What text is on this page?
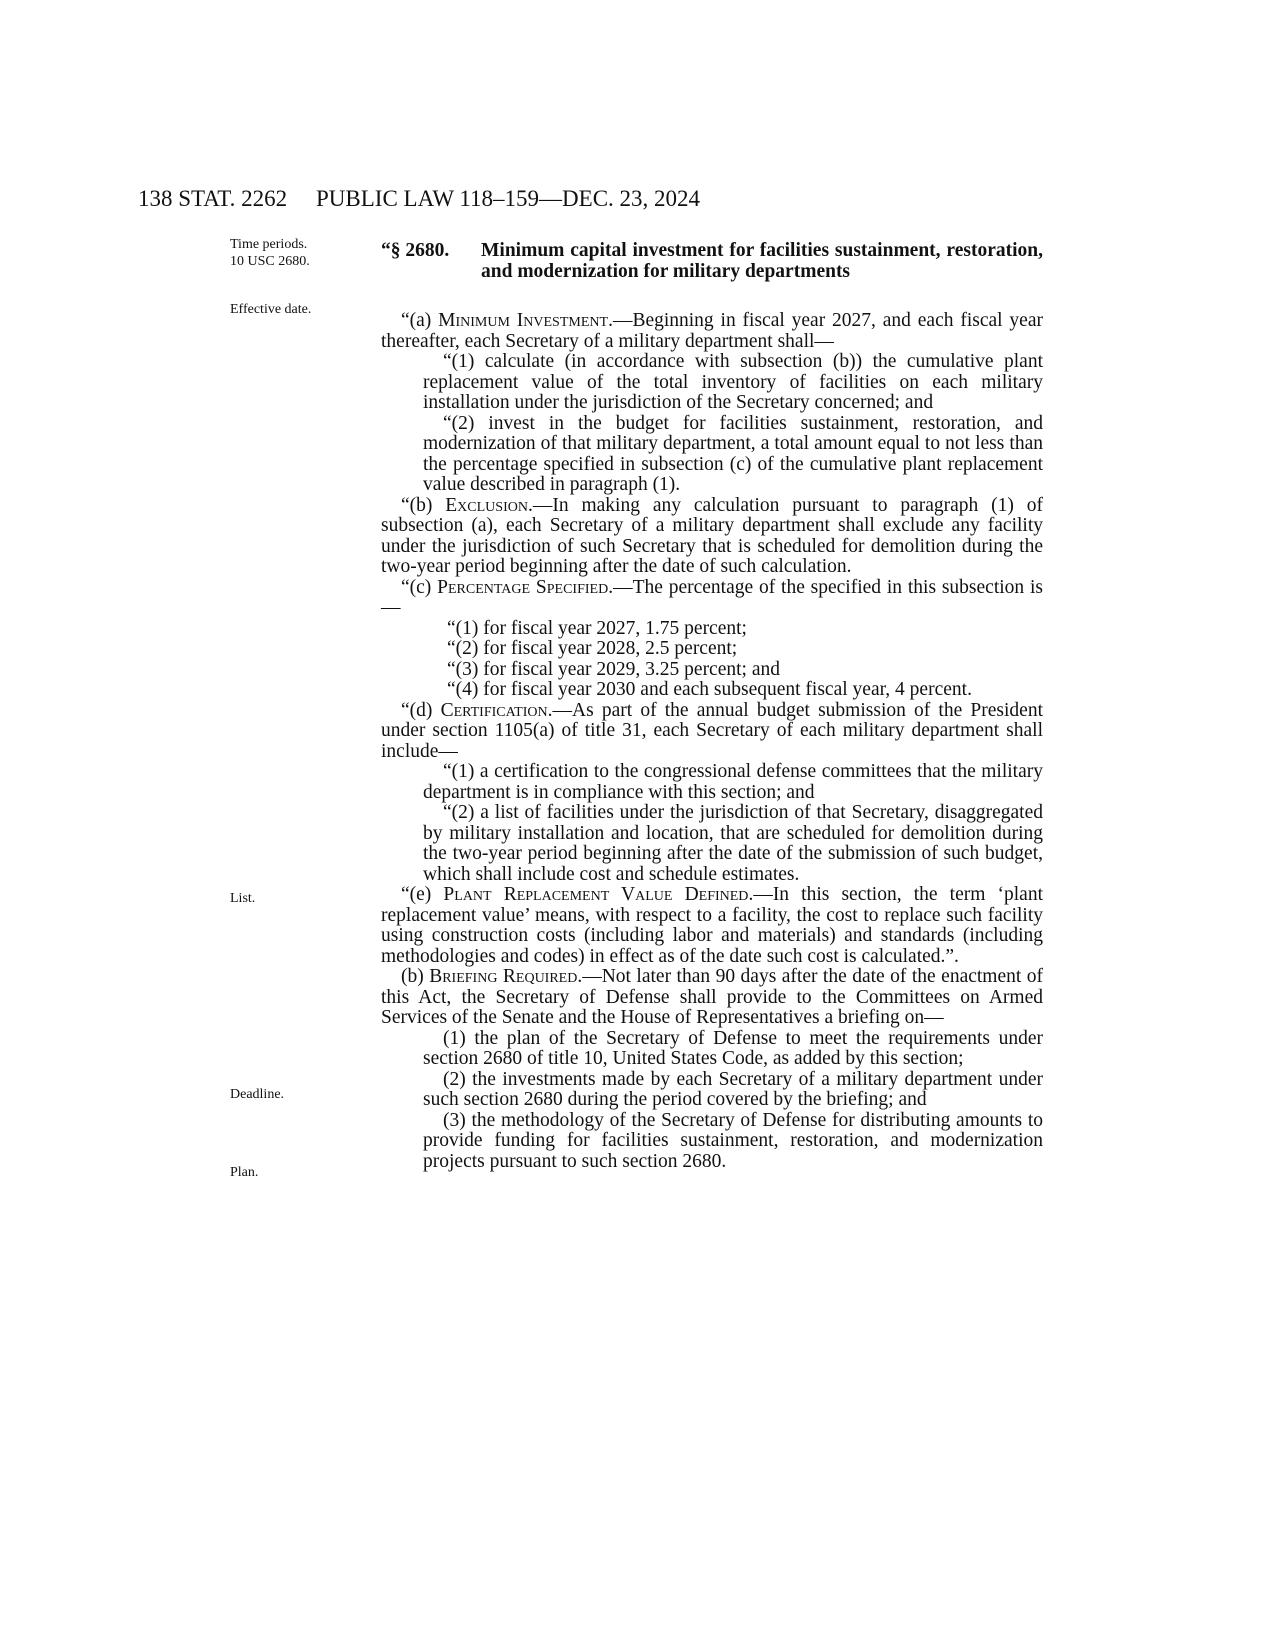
138 STAT. 2262 PUBLIC LAW 118–159—DEC. 23, 2024
Time periods.
10 USC 2680.
Effective date.
List.
Deadline.
Plan.
“§ 2680. Minimum capital investment for facilities sustainment, restoration, and modernization for military departments

“(a) Minimum Investment.—Beginning in fiscal year 2027, and each fiscal year thereafter, each Secretary of a military department shall—

“(1) calculate (in accordance with subsection (b)) the cumulative plant replacement value of the total inventory of facilities on each military installation under the jurisdiction of the Secretary concerned; and

“(2) invest in the budget for facilities sustainment, restoration, and modernization of that military department, a total amount equal to not less than the percentage specified in subsection (c) of the cumulative plant replacement value described in paragraph (1).

“(b) Exclusion.—In making any calculation pursuant to paragraph (1) of subsection (a), each Secretary of a military department shall exclude any facility under the jurisdiction of such Secretary that is scheduled for demolition during the two-year period beginning after the date of such calculation.

“(c) Percentage Specified.—The percentage of the specified in this subsection is—

“(1) for fiscal year 2027, 1.75 percent;

“(2) for fiscal year 2028, 2.5 percent;

“(3) for fiscal year 2029, 3.25 percent; and

“(4) for fiscal year 2030 and each subsequent fiscal year, 4 percent.

“(d) Certification.—As part of the annual budget submission of the President under section 1105(a) of title 31, each Secretary of each military department shall include—

“(1) a certification to the congressional defense committees that the military department is in compliance with this section; and

“(2) a list of facilities under the jurisdiction of that Secretary, disaggregated by military installation and location, that are scheduled for demolition during the two-year period beginning after the date of the submission of such budget, which shall include cost and schedule estimates.

“(e) Plant Replacement Value Defined.—In this section, the term ‘plant replacement value’ means, with respect to a facility, the cost to replace such facility using construction costs (including labor and materials) and standards (including methodologies and codes) in effect as of the date such cost is calculated.”.

(b) Briefing Required.—Not later than 90 days after the date of the enactment of this Act, the Secretary of Defense shall provide to the Committees on Armed Services of the Senate and the House of Representatives a briefing on—

(1) the plan of the Secretary of Defense to meet the requirements under section 2680 of title 10, United States Code, as added by this section;

(2) the investments made by each Secretary of a military department under such section 2680 during the period covered by the briefing; and

(3) the methodology of the Secretary of Defense for distributing amounts to provide funding for facilities sustainment, restoration, and modernization projects pursuant to such section 2680.
